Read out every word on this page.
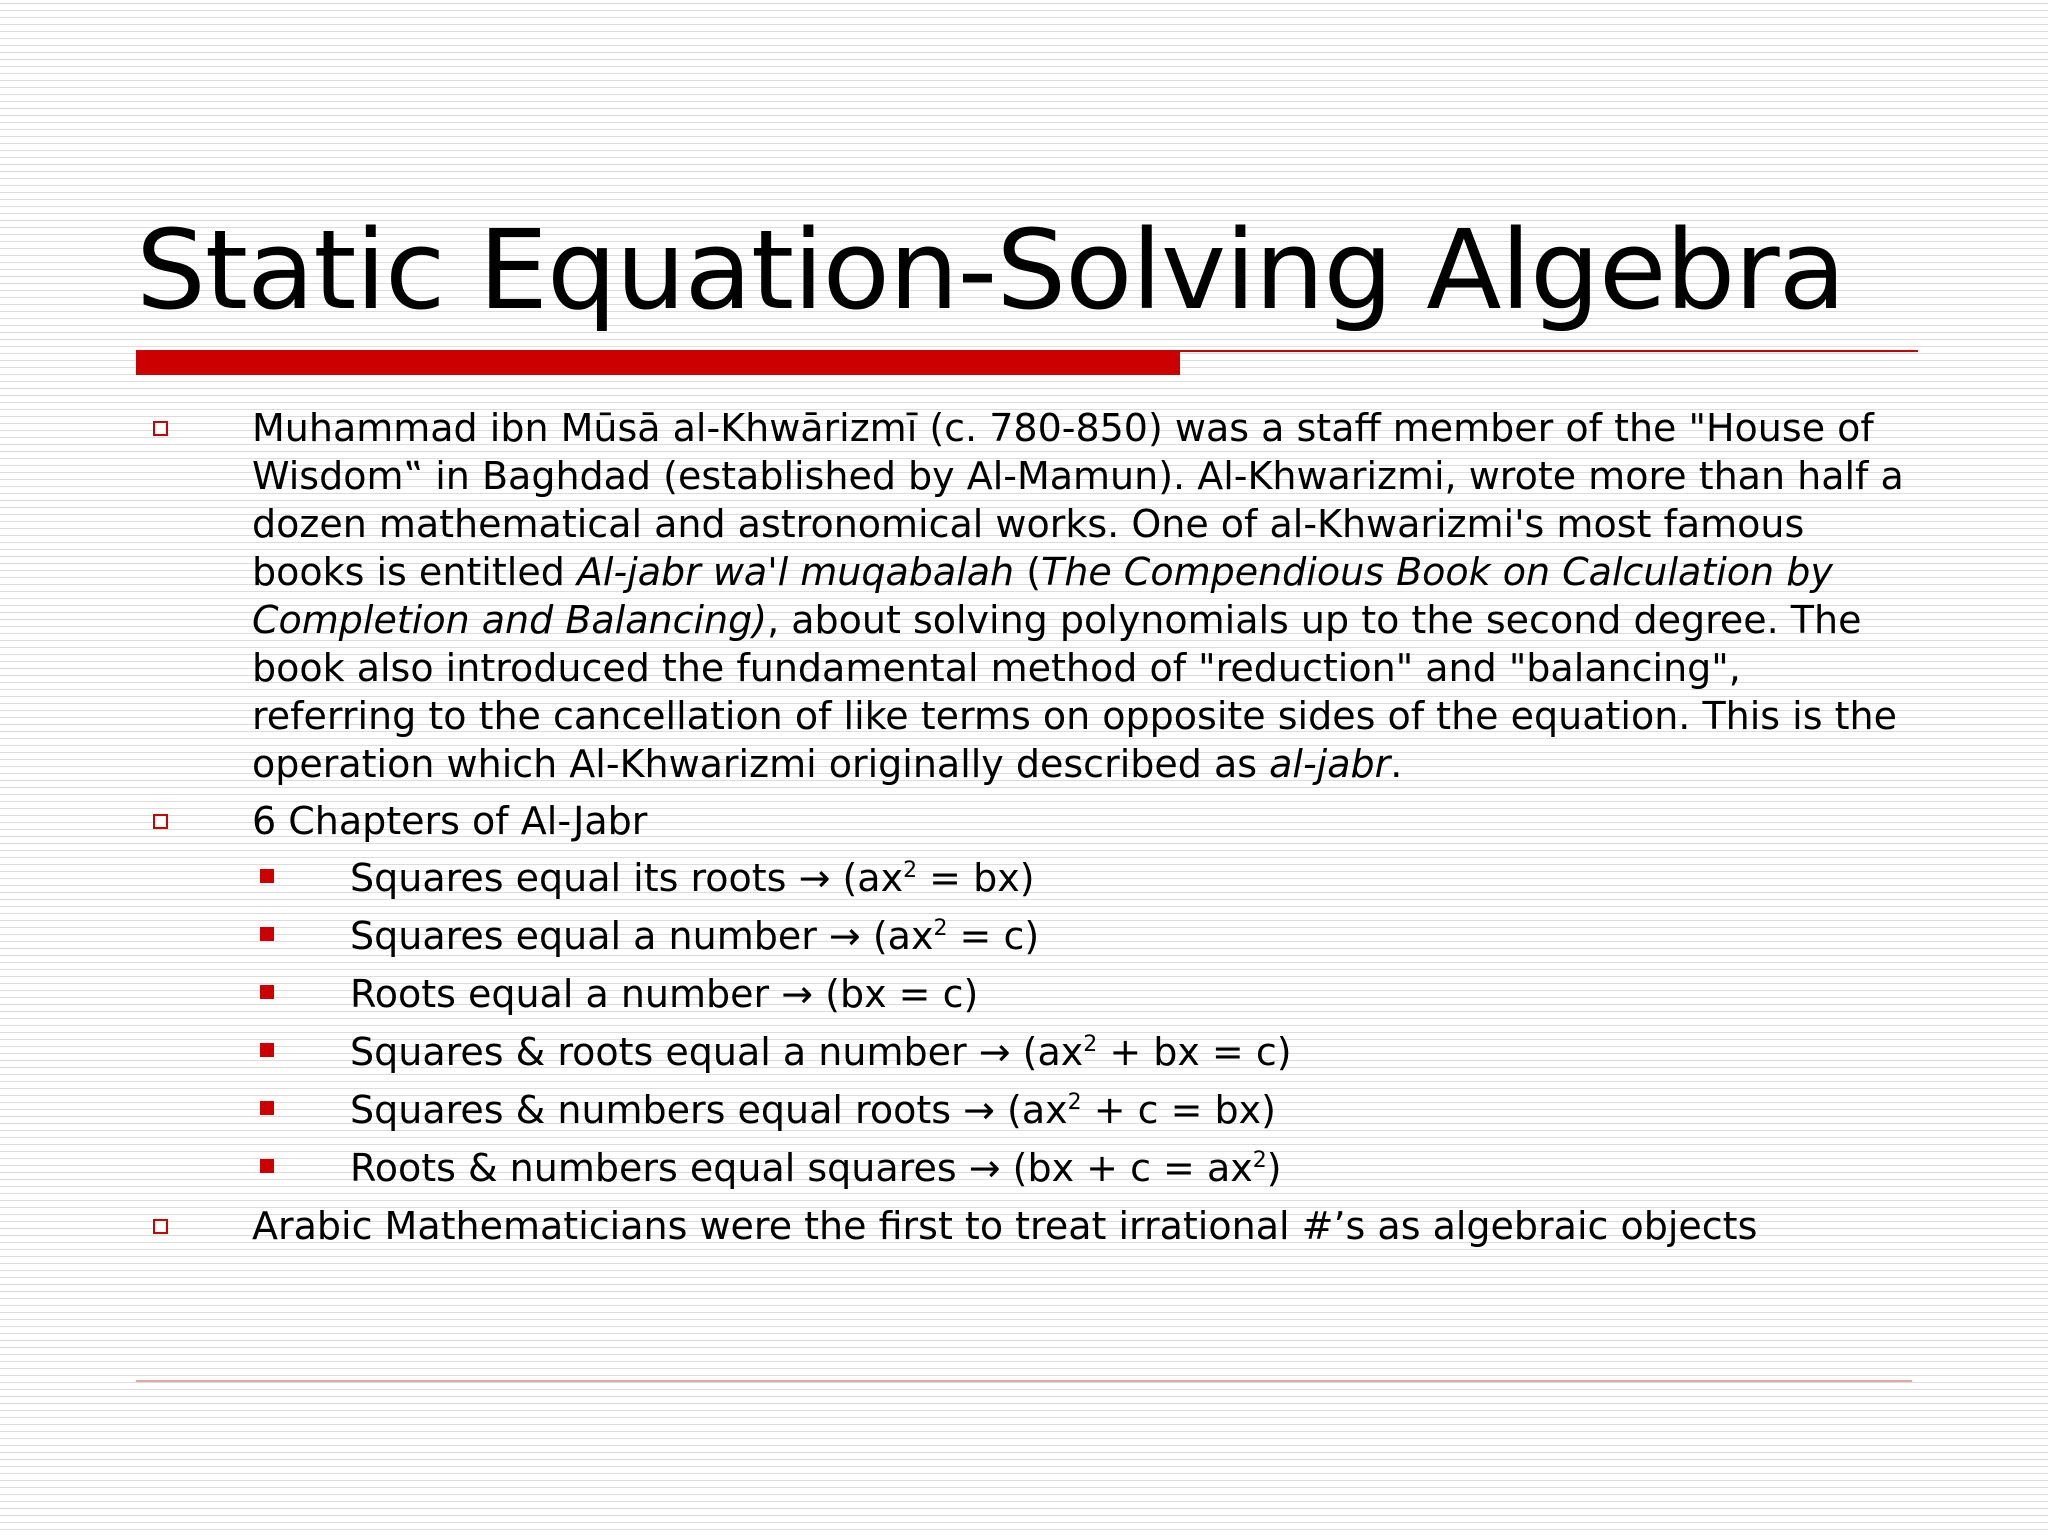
Static Equation-Solving Algebra
Muhammad ibn Mūsā al-Khwārizmī (c. 780-850) was a staff member of the "House of Wisdom‟ in Baghdad (established by Al-Mamun). Al-Khwarizmi, wrote more than half a dozen mathematical and astronomical works. One of al-Khwarizmi's most famous books is entitled Al-jabr wa'l muqabalah (The Compendious Book on Calculation by Completion and Balancing), about solving polynomials up to the second degree. The book also introduced the fundamental method of "reduction" and "balancing", referring to the cancellation of like terms on opposite sides of the equation. This is the operation which Al-Khwarizmi originally described as al-jabr.
6 Chapters of Al-Jabr
Squares equal its roots → $(ax^2 = bx)$
Squares equal a number → $(ax^2 = c)$
Roots equal a number → (bx = c)
Squares & roots equal a number → ($ax^2$ + bx = c)
Squares & numbers equal roots → $(ax^2 + c = bx)$
Roots & numbers equal squares → $(bx + c = ax^2)$
Arabic Mathematicians were the first to treat irrational #’s as algebraic objects
